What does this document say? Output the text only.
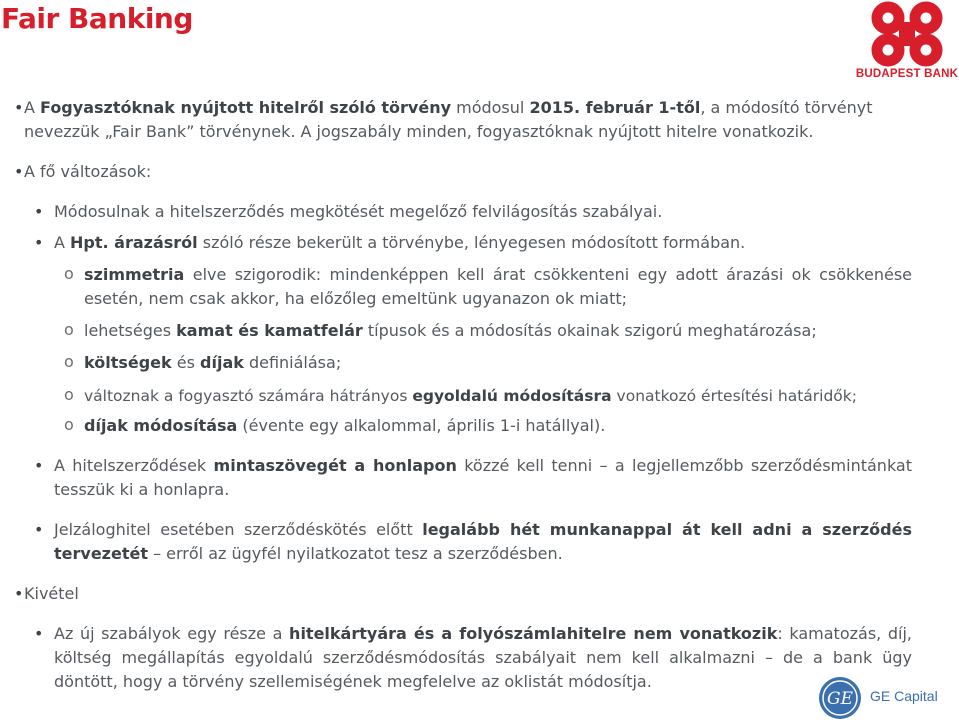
Fair Banking
BUDAPEST BANK
• A Fogyasztóknak nyújtott hitelről szóló törvény módosul 2015. február 1-től, a módosító törvényt nevezzük „Fair Bank” törvénynek. A jogszabály minden, fogyasztóknak nyújtott hitelre vonatkozik.
• A fő változások:
• Módosulnak a hitelszerződés megkötését megelőző felvilágosítás szabályai.
• A Hpt. árazásról szóló része bekerült a törvénybe, lényegesen módosított formában.
o szimmetria elve szigorodik: mindenképpen kell árat csökkenteni egy adott árazási ok csökkenése esetén, nem csak akkor, ha előzőleg emeltünk ugyanazon ok miatt;
o lehetséges kamat és kamatfelár típusok és a módosítás okainak szigorú meghatározása;
o költségek és díjak definiálása;
o változnak a fogyasztó számára hátrányos egyoldalú módosításra vonatkozó értesítési határidők;
o díjak módosítása (évente egy alkalommal, április 1-i hatállyal).
• A hitelszerződések mintaszövegét a honlapon közzé kell tenni – a legjellemzőbb szerződésmintánkat tesszük ki a honlapra.
• Jelzáloghitel esetében szerződéskötés előtt legalább hét munkanappal át kell adni a szerződés tervezetét – erről az ügyfél nyilatkozatot tesz a szerződésben.
• Kivétel
• Az új szabályok egy része a hitelkártyára és a folyószámlahitelre nem vonatkozik: kamatozás, díj, költség megállapítás egyoldalú szerződésmódosítás szabályait nem kell alkalmazni – de a bank ügy döntött, hogy a törvény szellemiségének megfelelve az oklistát módosítja.
GE GE Capital
